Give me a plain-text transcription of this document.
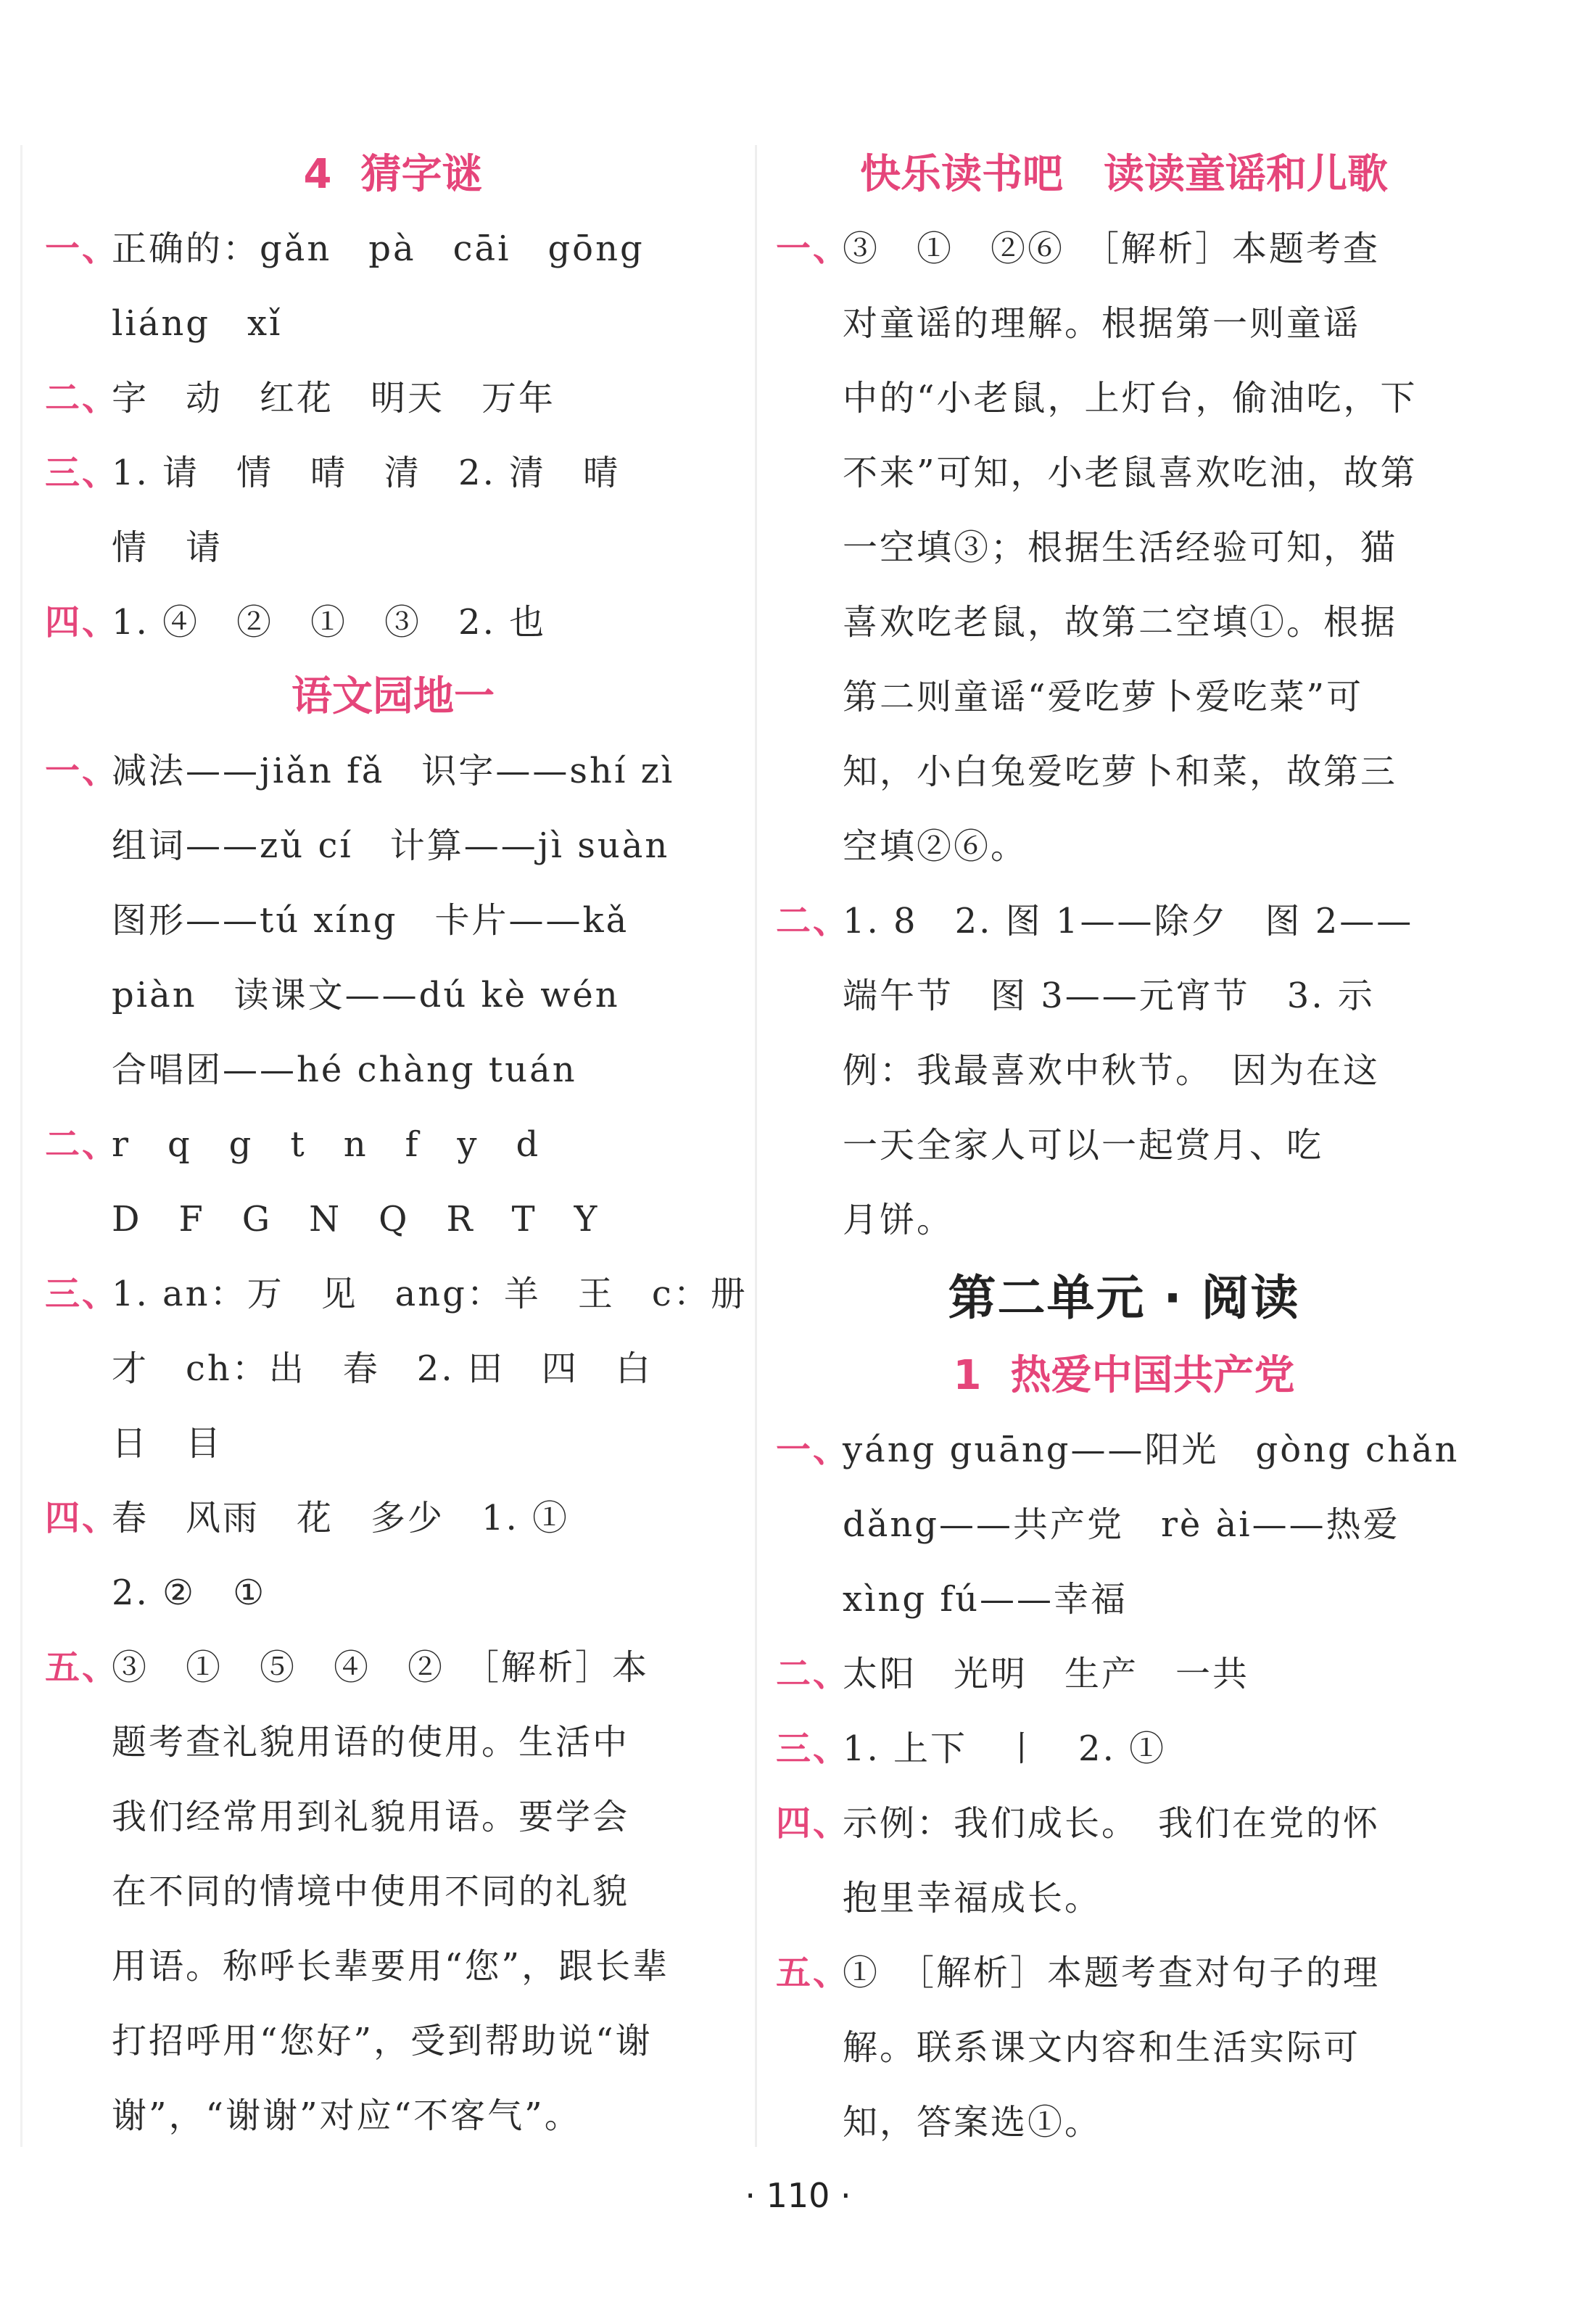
4 猜字谜
一、
正确的：gǎn　pà　cāi　gōng
liáng　xǐ
二、
字　动　红花　明天　万年
三、
1. 请　情　晴　清　2. 清　晴
情　请
四、
1. ④　②　①　③　2. 也
语文园地一
一、
减法——jiǎn fǎ　识字——shí zì
组词——zǔ cí　计算——jì suàn
图形——tú xíng　卡片——kǎ
piàn　读课文——dú kè wén
合唱团——hé chàng tuán
二、
r　q　g　t　n　f　y　d
D　F　G　N　Q　R　T　Y
三、
1. an：万　见　ang：羊　王　c：册
才　ch：出　春　2. 田　四　白
日　目
四、
春　风雨　花　多少　1. ①
2. ②　①
五、
③　①　⑤　④　②　［解析］本
题考查礼貌用语的使用。生活中
我们经常用到礼貌用语。要学会
在不同的情境中使用不同的礼貌
用语。称呼长辈要用“您”，跟长辈
打招呼用“您好”，受到帮助说“谢
谢”，“谢谢”对应“不客气”。
快乐读书吧　读读童谣和儿歌
一、
③　①　②⑥　［解析］本题考查
对童谣的理解。根据第一则童谣
中的“小老鼠，上灯台，偷油吃，下
不来”可知，小老鼠喜欢吃油，故第
一空填③；根据生活经验可知，猫
喜欢吃老鼠，故第二空填①。根据
第二则童谣“爱吃萝卜爱吃菜”可
知，小白兔爱吃萝卜和菜，故第三
空填②⑥。
二、
1. 8　2. 图 1——除夕　图 2——
端午节　图 3——元宵节　3. 示
例：我最喜欢中秋节。　因为在这
一天全家人可以一起赏月、吃
月饼。
第二单元 · 阅读
1 热爱中国共产党
一、
yáng guāng——阳光　gòng chǎn
dǎng——共产党　rè ài——热爱
xìng fú——幸福
二、
太阳　光明　生产　一共
三、
1. 上下　丨　2. ①
四、
示例：我们成长。　我们在党的怀
抱里幸福成长。
五、
①　［解析］本题考查对句子的理
解。联系课文内容和生活实际可
知，答案选①。
· 110 ·
